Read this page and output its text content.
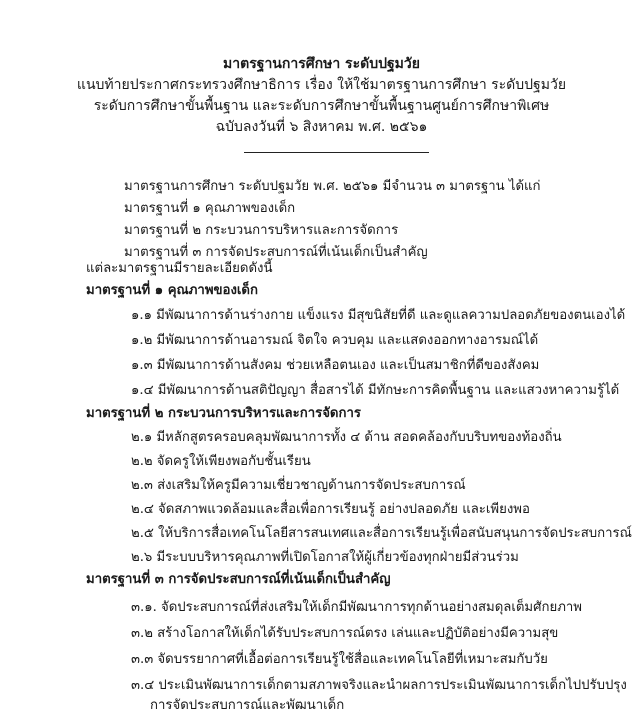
มาตรฐานการศึกษา ระดับปฐมวัย
แนบท้ายประกาศกระทรวงศึกษาธิการ เรื่อง ให้ใช้มาตรฐานการศึกษา ระดับปฐมวัย
ระดับการศึกษาขั้นพื้นฐาน และระดับการศึกษาขั้นพื้นฐานศูนย์การศึกษาพิเศษ
ฉบับลงวันที่ ๖ สิงหาคม พ.ศ. ๒๕๖๑
มาตรฐานการศึกษา ระดับปฐมวัย พ.ศ. ๒๕๖๑ มีจำนวน ๓ มาตรฐาน ได้แก่
มาตรฐานที่ ๑ คุณภาพของเด็ก
มาตรฐานที่ ๒ กระบวนการบริหารและการจัดการ
มาตรฐานที่ ๓ การจัดประสบการณ์ที่เน้นเด็กเป็นสำคัญ
แต่ละมาตรฐานมีรายละเอียดดังนี้
มาตรฐานที่ ๑ คุณภาพของเด็ก
๑.๑ มีพัฒนาการด้านร่างกาย แข็งแรง มีสุขนิสัยที่ดี และดูแลความปลอดภัยของตนเองได้
๑.๒ มีพัฒนาการด้านอารมณ์ จิตใจ ควบคุม และแสดงออกทางอารมณ์ได้
๑.๓ มีพัฒนาการด้านสังคม ช่วยเหลือตนเอง และเป็นสมาชิกที่ดีของสังคม
๑.๔ มีพัฒนาการด้านสติปัญญา สื่อสารได้ มีทักษะการคิดพื้นฐาน และแสวงหาความรู้ได้
มาตรฐานที่ ๒ กระบวนการบริหารและการจัดการ
๒.๑ มีหลักสูตรครอบคลุมพัฒนาการทั้ง ๔ ด้าน สอดคล้องกับบริบทของท้องถิ่น
๒.๒ จัดครูให้เพียงพอกับชั้นเรียน
๒.๓ ส่งเสริมให้ครูมีความเชี่ยวชาญด้านการจัดประสบการณ์
๒.๔ จัดสภาพแวดล้อมและสื่อเพื่อการเรียนรู้ อย่างปลอดภัย และเพียงพอ
๒.๕ ให้บริการสื่อเทคโนโลยีสารสนเทศและสื่อการเรียนรู้เพื่อสนับสนุนการจัดประสบการณ์
๒.๖ มีระบบบริหารคุณภาพที่เปิดโอกาสให้ผู้เกี่ยวข้องทุกฝ่ายมีส่วนร่วม
มาตรฐานที่ ๓ การจัดประสบการณ์ที่เน้นเด็กเป็นสำคัญ
๓.๑. จัดประสบการณ์ที่ส่งเสริมให้เด็กมีพัฒนาการทุกด้านอย่างสมดุลเต็มศักยภาพ
๓.๒ สร้างโอกาสให้เด็กได้รับประสบการณ์ตรง เล่นและปฏิบัติอย่างมีความสุข
๓.๓ จัดบรรยากาศที่เอื้อต่อการเรียนรู้ใช้สื่อและเทคโนโลยีที่เหมาะสมกับวัย
๓.๔ ประเมินพัฒนาการเด็กตามสภาพจริงและนำผลการประเมินพัฒนาการเด็กไปปรับปรุง
การจัดประสบการณ์และพัฒนาเด็ก
